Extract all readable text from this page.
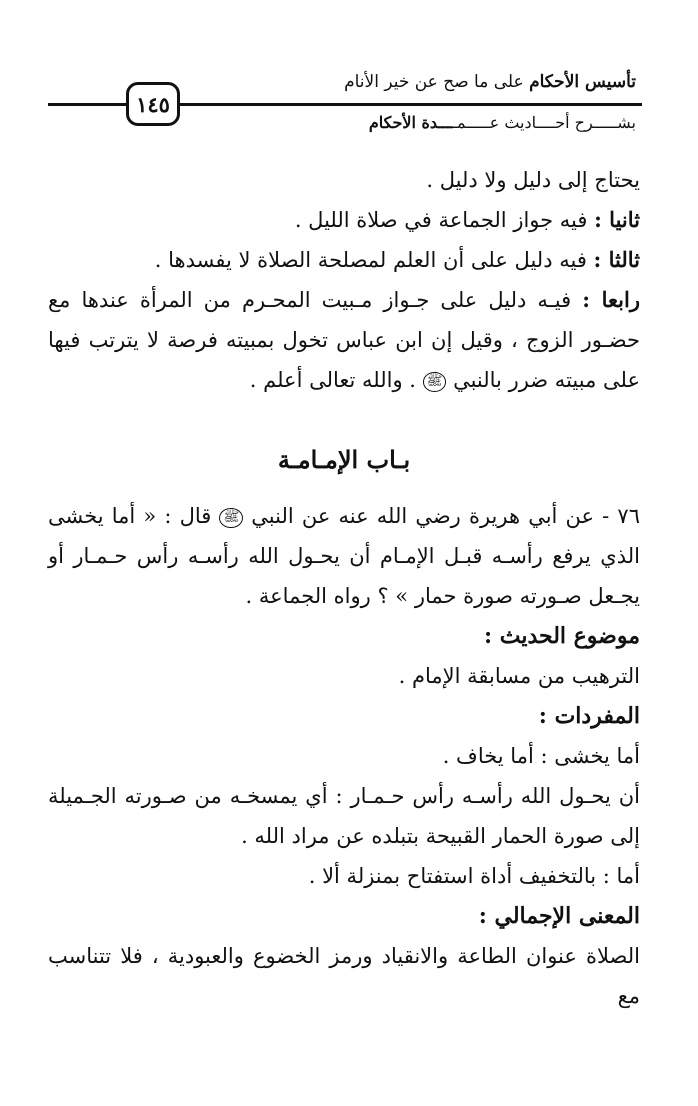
تأسيس الأحكام على ما صح عن خير الأنام
١٤٥
بشـــــرح أحــــاديث عـــــمــــدة الأحكام

يحتاج إلى دليل ولا دليل .

ثانيا : فيه جواز الجماعة في صلاة الليل .

ثالثا : فيه دليل على أن العلم لمصلحة الصلاة لا يفسدها .

رابعا : فيـه دليل على جـواز مـبيت المحـرم من المرأة عندها مع حضـور الزوج ، وقيل إن ابن عباس تخول بمبيته فرصة لا يترتب فيها على مبيته ضرر بالنبي ﷺ . والله تعالى أعلم .

بـاب الإمـامـة

٧٦ - عن أبي هريرة رضي الله عنه عن النبي ﷺ قال : « أما يخشى الذي يرفع رأسـه قبـل الإمـام أن يحـول الله رأسـه رأس حـمـار أو يجـعل صـورته صورة حمار » ؟ رواه الجماعة .

موضوع الحديث :

الترهيب من مسابقة الإمام .

المفردات :

أما يخشى : أما يخاف .

أن يحـول الله رأسـه رأس حـمـار : أي يمسخـه من صـورته الجـميلة إلى صورة الحمار القبيحة بتبلده عن مراد الله .

أما : بالتخفيف أداة استفتاح بمنزلة ألا .

المعنى الإجمالي :

الصلاة عنوان الطاعة والانقياد ورمز الخضوع والعبودية ، فلا تتناسب مع
